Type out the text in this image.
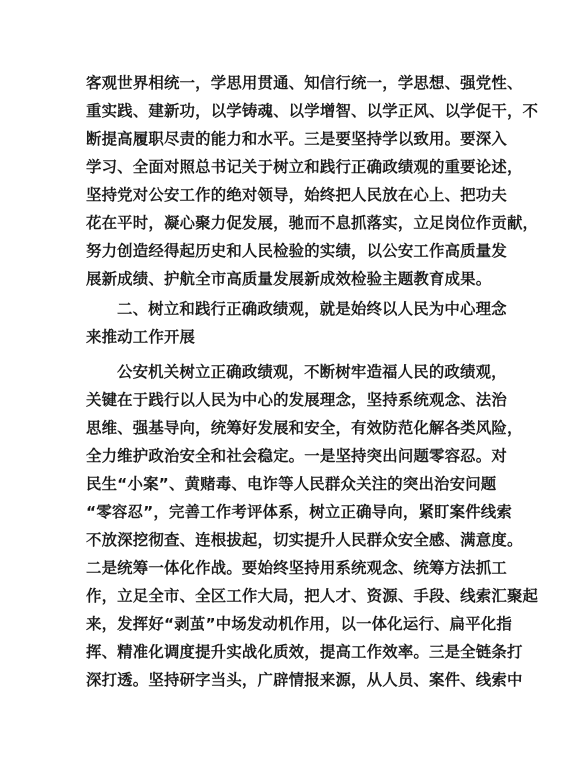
客观世界相统一，学思用贯通、知信行统一，学思想、强党性、
重实践、建新功，以学铸魂、以学增智、以学正风、以学促干，不
断提高履职尽责的能力和水平。三是要坚持学以致用。要深入
学习、全面对照总书记关于树立和践行正确政绩观的重要论述，
坚持党对公安工作的绝对领导，始终把人民放在心上、把功夫
花在平时，凝心聚力促发展，驰而不息抓落实，立足岗位作贡献，
努力创造经得起历史和人民检验的实绩，以公安工作高质量发
展新成绩、护航全市高质量发展新成效检验主题教育成果。
二、树立和践行正确政绩观，就是始终以人民为中心理念
来推动工作开展
公安机关树立正确政绩观，不断树牢造福人民的政绩观，
关键在于践行以人民为中心的发展理念，坚持系统观念、法治
思维、强基导向，统筹好发展和安全，有效防范化解各类风险，
全力维护政治安全和社会稳定。一是坚持突出问题零容忍。对
民生“小案”、黄赌毒、电诈等人民群众关注的突出治安问题
“零容忍”，完善工作考评体系，树立正确导向，紧盯案件线索
不放深挖彻查、连根拔起，切实提升人民群众安全感、满意度。
二是统筹一体化作战。要始终坚持用系统观念、统筹方法抓工
作，立足全市、全区工作大局，把人才、资源、手段、线索汇聚起
来，发挥好“剥茧”中场发动机作用，以一体化运行、扁平化指
挥、精准化调度提升实战化质效，提高工作效率。三是全链条打
深打透。坚持研字当头，广辟情报来源，从人员、案件、线索中
